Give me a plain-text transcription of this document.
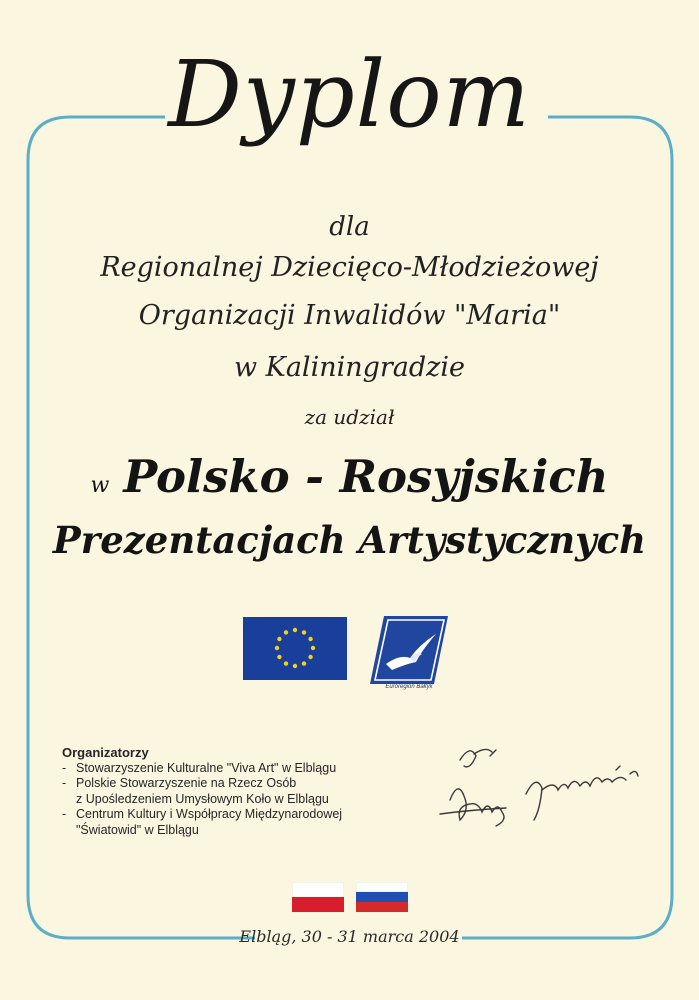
Dyplom
dla
Regionalnej Dziecięco-Młodzieżowej
Organizacji Inwalidów "Maria"
w Kaliningradzie
za udział
w Polsko - Rosyjskich
Prezentacjach Artystycznych
Euroregion Bałtyk
Organizatorzy
- Stowarzyszenie Kulturalne "Viva Art" w Elblągu
- Polskie Stowarzyszenie na Rzecz Osób
z Upośledzeniem Umysłowym Koło w Elblągu
- Centrum Kultury i Współpracy Międzynarodowej
"Światowid" w Elblągu
Elbląg, 30 - 31 marca 2004
